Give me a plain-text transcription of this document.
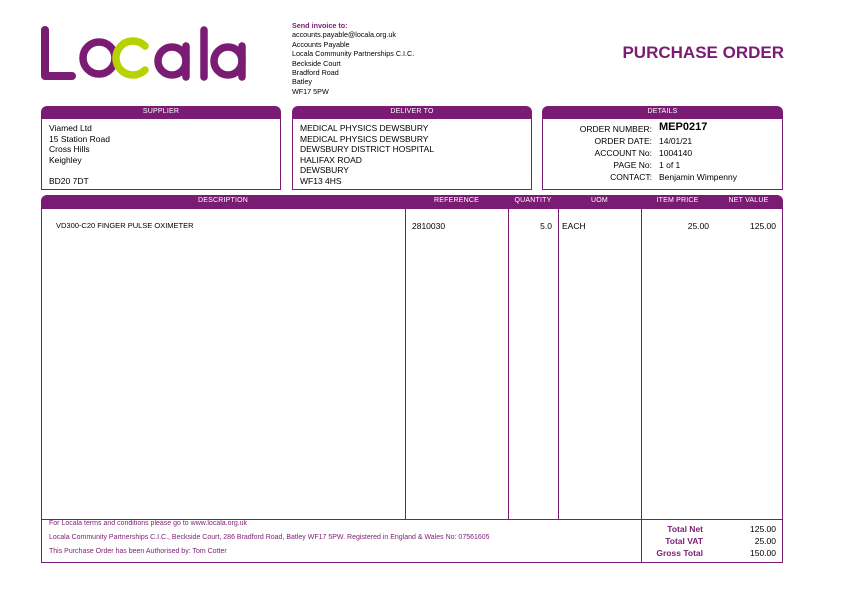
Send invoice to:
accounts.payable@locala.org.uk
Accounts Payable
Locala Community Partnerships C.I.C.
Beckside Court
Bradford Road
Batley
WF17 5PW
PURCHASE ORDER
SUPPLIER
Viamed Ltd
15 Station Road
Cross Hills
Keighley
BD20 7DT
DELIVER TO
MEDICAL PHYSICS DEWSBURY
MEDICAL PHYSICS DEWSBURY
DEWSBURY DISTRICT HOSPITAL
HALIFAX ROAD
DEWSBURY
WF13 4HS
DETAILS
ORDER NUMBER: MEP0217
ORDER DATE: 14/01/21
ACCOUNT No: 1004140
PAGE No: 1 of 1
CONTACT: Benjamin Wimpenny
DESCRIPTION	REFERENCE	QUANTITY	UOM	ITEM PRICE	NET VALUE
VD300-C20 FINGER PULSE OXIMETER	2810030	5.0 EACH	25.00	125.00
For Locala terms and conditions please go to www.locala.org.uk
Locala Community Partnerships C.I.C., Beckside Court, 286 Bradford Road, Batley WF17 5PW. Registered in England & Wales No: 07561605
This Purchase Order has been Authorised by: Tom Cotter
Total Net	125.00
Total VAT	25.00
Gross Total	150.00
